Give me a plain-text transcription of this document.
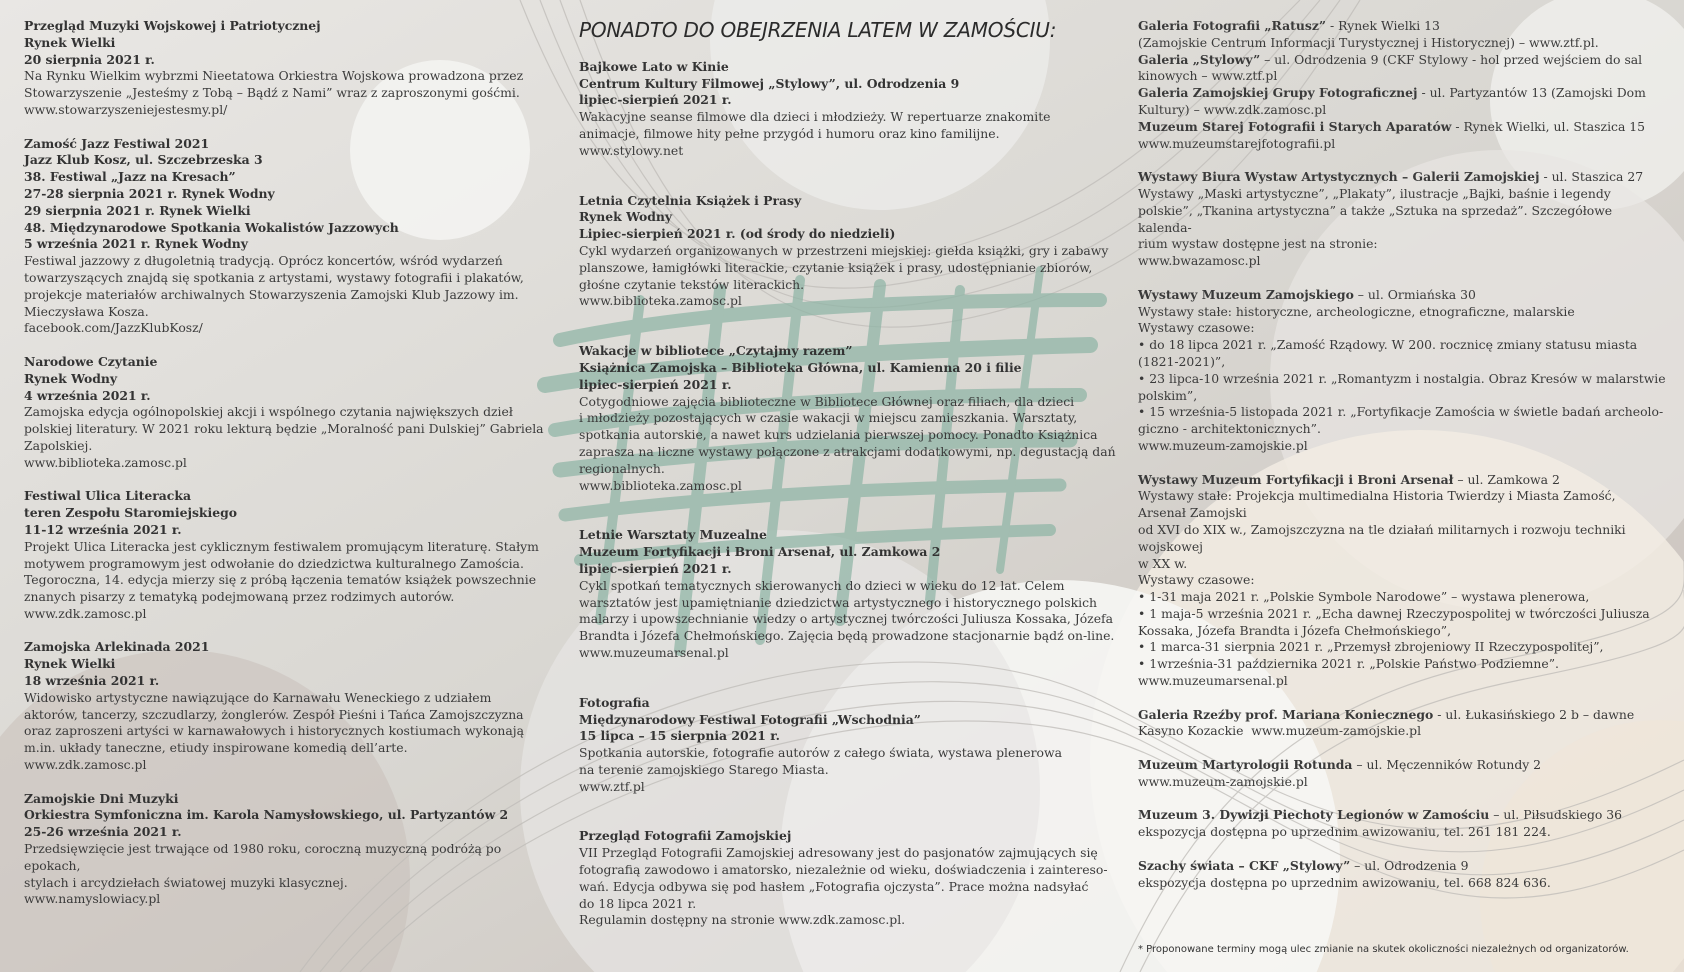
Przegląd Muzyki Wojskowej i Patriotycznej
Rynek Wielki
20 sierpnia 2021 r.
Na Rynku Wielkim wybrzmi Nieetatowa Orkiestra Wojskowa prowadzona przez
Stowarzyszenie „Jesteśmy z Tobą – Bądź z Nami” wraz z zaproszonymi gośćmi.
www.stowarzyszeniejestesmy.pl/
Zamość Jazz Festiwal 2021
Jazz Klub Kosz, ul. Szczebrzeska 3
38. Festiwal „Jazz na Kresach”
27-28 sierpnia 2021 r. Rynek Wodny
29 sierpnia 2021 r. Rynek Wielki
48. Międzynarodowe Spotkania Wokalistów Jazzowych
5 września 2021 r. Rynek Wodny
Festiwal jazzowy z długoletnią tradycją. Oprócz koncertów, wśród wydarzeń
towarzyszących znajdą się spotkania z artystami, wystawy fotografii i plakatów,
projekcje materiałów archiwalnych Stowarzyszenia Zamojski Klub Jazzowy im.
Mieczysława Kosza.
facebook.com/JazzKlubKosz/
Narodowe Czytanie
Rynek Wodny
4 września 2021 r.
Zamojska edycja ogólnopolskiej akcji i wspólnego czytania największych dzieł
polskiej literatury. W 2021 roku lekturą będzie „Moralność pani Dulskiej” Gabriela
Zapolskiej.
www.biblioteka.zamosc.pl
Festiwal Ulica Literacka
teren Zespołu Staromiejskiego
11-12 września 2021 r.
Projekt Ulica Literacka jest cyklicznym festiwalem promującym literaturę. Stałym
motywem programowym jest odwołanie do dziedzictwa kulturalnego Zamościa.
Tegoroczna, 14. edycja mierzy się z próbą łączenia tematów książek powszechnie
znanych pisarzy z tematyką podejmowaną przez rodzimych autorów.
www.zdk.zamosc.pl
Zamojska Arlekinada 2021
Rynek Wielki
18 września 2021 r.
Widowisko artystyczne nawiązujące do Karnawału Weneckiego z udziałem
aktorów, tancerzy, szczudlarzy, żonglerów. Zespół Pieśni i Tańca Zamojszczyzna
oraz zaproszeni artyści w karnawałowych i historycznych kostiumach wykonają
m.in. układy taneczne, etiudy inspirowane komedią dell’arte.
www.zdk.zamosc.pl
Zamojskie Dni Muzyki
Orkiestra Symfoniczna im. Karola Namysłowskiego, ul. Partyzantów 2
25-26 września 2021 r.
Przedsięwzięcie jest trwające od 1980 roku, coroczną muzyczną podróżą po epokach,
stylach i arcydziełach światowej muzyki klasycznej.
www.namyslowiacy.pl
PONADTO DO OBEJRZENIA LATEM W ZAMOŚCIU:
Bajkowe Lato w Kinie
Centrum Kultury Filmowej „Stylowy”, ul. Odrodzenia 9
lipiec-sierpień 2021 r.
Wakacyjne seanse filmowe dla dzieci i młodzieży. W repertuarze znakomite
animacje, filmowe hity pełne przygód i humoru oraz kino familijne.
www.stylowy.net
Letnia Czytelnia Książek i Prasy
Rynek Wodny
Lipiec-sierpień 2021 r. (od środy do niedzieli)
Cykl wydarzeń organizowanych w przestrzeni miejskiej: giełda książki, gry i zabawy
planszowe, łamigłówki literackie, czytanie książek i prasy, udostępnianie zbiorów,
głośne czytanie tekstów literackich.
www.biblioteka.zamosc.pl
Wakacje w bibliotece „Czytajmy razem”
Książnica Zamojska – Biblioteka Główna, ul. Kamienna 20 i filie
lipiec-sierpień 2021 r.
Cotygodniowe zajęcia biblioteczne w Bibliotece Głównej oraz filiach, dla dzieci
i młodzieży pozostających w czasie wakacji w miejscu zamieszkania. Warsztaty,
spotkania autorskie, a nawet kurs udzielania pierwszej pomocy. Ponadto Książnica
zaprasza na liczne wystawy połączone z atrakcjami dodatkowymi, np. degustacją dań
regionalnych.
www.biblioteka.zamosc.pl
Letnie Warsztaty Muzealne
Muzeum Fortyfikacji i Broni Arsenał, ul. Zamkowa 2
lipiec-sierpień 2021 r.
Cykl spotkań tematycznych skierowanych do dzieci w wieku do 12 lat. Celem
warsztatów jest upamiętnianie dziedzictwa artystycznego i historycznego polskich
malarzy i upowszechnianie wiedzy o artystycznej twórczości Juliusza Kossaka, Józefa
Brandta i Józefa Chełmońskiego. Zajęcia będą prowadzone stacjonarnie bądź on-line.
www.muzeumarsenal.pl
Fotografia
Międzynarodowy Festiwal Fotografii „Wschodnia”
15 lipca – 15 sierpnia 2021 r.
Spotkania autorskie, fotografie autorów z całego świata, wystawa plenerowa
na terenie zamojskiego Starego Miasta.
www.ztf.pl
Przegląd Fotografii Zamojskiej
VII Przegląd Fotografii Zamojskiej adresowany jest do pasjonatów zajmujących się
fotografią zawodowo i amatorsko, niezależnie od wieku, doświadczenia i zaintereso-
wań. Edycja odbywa się pod hasłem „Fotografia ojczysta”. Prace można nadsyłać
do 18 lipca 2021 r.
Regulamin dostępny na stronie www.zdk.zamosc.pl.
Galeria Fotografii „Ratusz” - Rynek Wielki 13
(Zamojskie Centrum Informacji Turystycznej i Historycznej) – www.ztf.pl.
Galeria „Stylowy” – ul. Odrodzenia 9 (CKF Stylowy - hol przed wejściem do sal
kinowych – www.ztf.pl
Galeria Zamojskiej Grupy Fotograficznej - ul. Partyzantów 13 (Zamojski Dom
Kultury) – www.zdk.zamosc.pl
Muzeum Starej Fotografii i Starych Aparatów - Rynek Wielki, ul. Staszica 15
www.muzeumstarejfotografii.pl
Wystawy Biura Wystaw Artystycznych – Galerii Zamojskiej - ul. Staszica 27
Wystawy „Maski artystyczne”, „Plakaty”, ilustracje „Bajki, baśnie i legendy
polskie”, „Tkanina artystyczna” a także „Sztuka na sprzedaż”. Szczegółowe kalenda-
rium wystaw dostępne jest na stronie:
www.bwazamosc.pl
Wystawy Muzeum Zamojskiego – ul. Ormiańska 30
Wystawy stałe: historyczne, archeologiczne, etnograficzne, malarskie
Wystawy czasowe:
• do 18 lipca 2021 r. „Zamość Rządowy. W 200. rocznicę zmiany statusu miasta
(1821-2021)”,
• 23 lipca-10 września 2021 r. „Romantyzm i nostalgia. Obraz Kresów w malarstwie
polskim”,
• 15 września-5 listopada 2021 r. „Fortyfikacje Zamościa w świetle badań archeolo-
giczno - architektonicznych”.
www.muzeum-zamojskie.pl
Wystawy Muzeum Fortyfikacji i Broni Arsenał – ul. Zamkowa 2
Wystawy stałe: Projekcja multimedialna Historia Twierdzy i Miasta Zamość,
Arsenał Zamojski
od XVI do XIX w., Zamojszczyzna na tle działań militarnych i rozwoju techniki
wojskowej
w XX w.
Wystawy czasowe:
• 1-31 maja 2021 r. „Polskie Symbole Narodowe” – wystawa plenerowa,
• 1 maja-5 września 2021 r. „Echa dawnej Rzeczypospolitej w twórczości Juliusza
Kossaka, Józefa Brandta i Józefa Chełmońskiego”,
• 1 marca-31 sierpnia 2021 r. „Przemysł zbrojeniowy II Rzeczypospolitej”,
• 1września-31 października 2021 r. „Polskie Państwo Podziemne”.
www.muzeumarsenal.pl
Galeria Rzeźby prof. Mariana Koniecznego - ul. Łukasińskiego 2 b – dawne
Kasyno Kozackie  www.muzeum-zamojskie.pl
Muzeum Martyrologii Rotunda – ul. Męczenników Rotundy 2
www.muzeum-zamojskie.pl
Muzeum 3. Dywizji Piechoty Legionów w Zamościu – ul. Piłsudskiego 36
ekspozycja dostępna po uprzednim awizowaniu, tel. 261 181 224.
Szachy świata – CKF „Stylowy” – ul. Odrodzenia 9
ekspozycja dostępna po uprzednim awizowaniu, tel. 668 824 636.
* Proponowane terminy mogą ulec zmianie na skutek okoliczności niezależnych od organizatorów.
